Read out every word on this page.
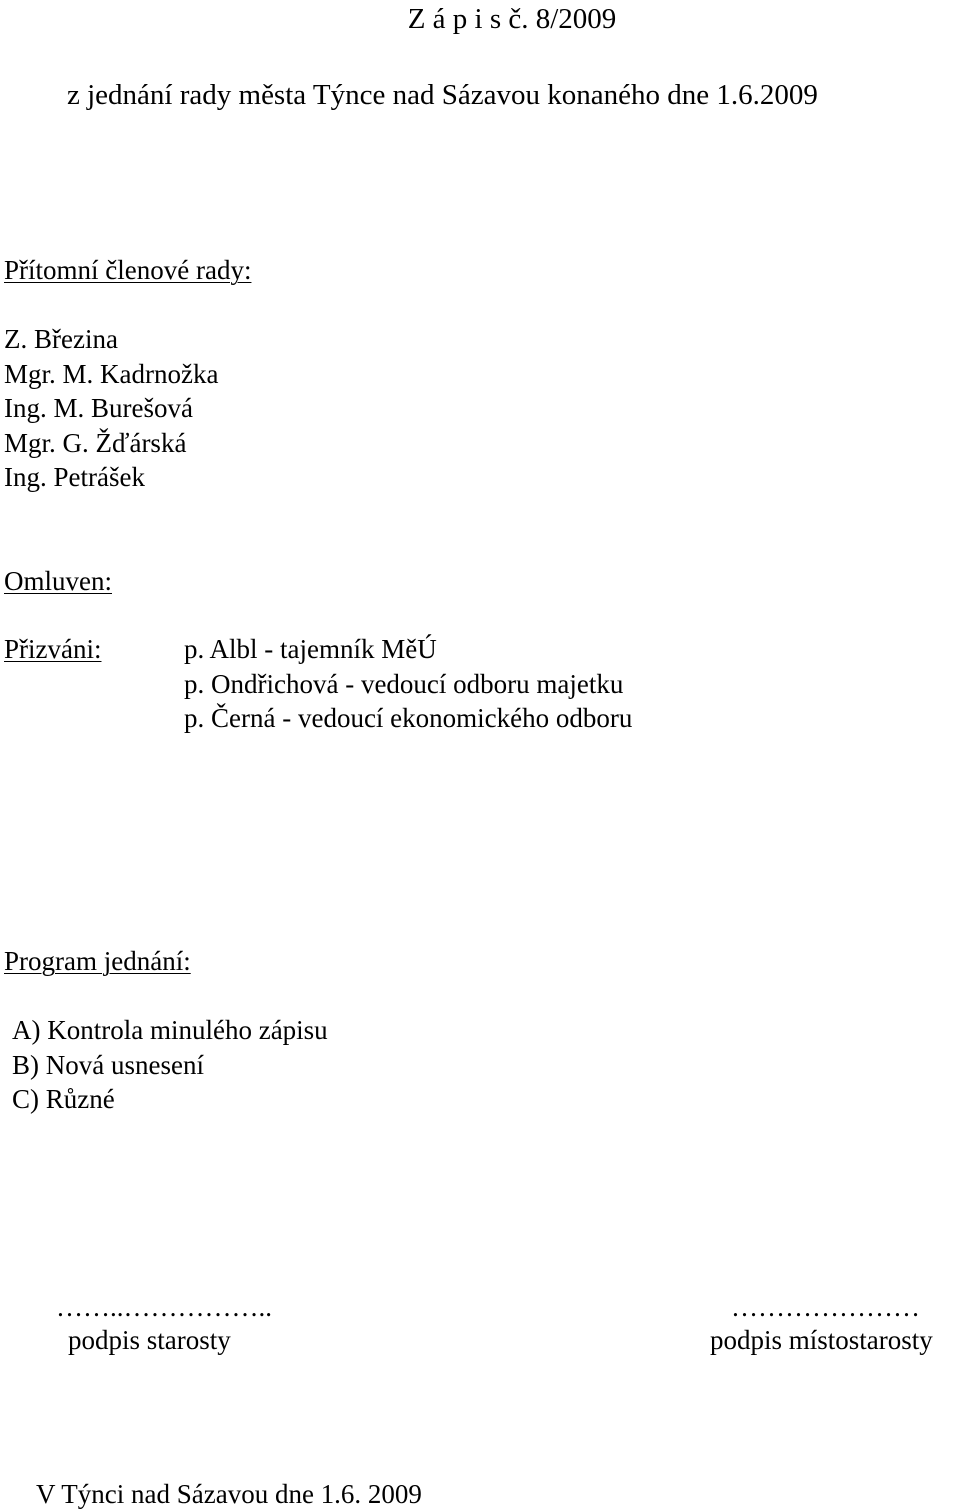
Z á p i s č. 8/2009
z jednání rady města Týnce nad Sázavou konaného dne 1.6.2009
Přítomní členové rady:
Z. Březina
Mgr. M. Kadrnožka
Ing. M. Burešová
Mgr. G. Žďárská
Ing. Petrášek
Omluven:
Přizváni:	p. Albl - tajemník MěÚ
p. Ondřichová - vedoucí odboru majetku
p. Černá - vedoucí ekonomického odboru
Program jednání:
A) Kontrola minulého zápisu
B) Nová usnesení
C) Různé
……..……………..
podpis starosty
…………………
podpis místostarosty
V Týnci nad Sázavou dne 1.6. 2009
